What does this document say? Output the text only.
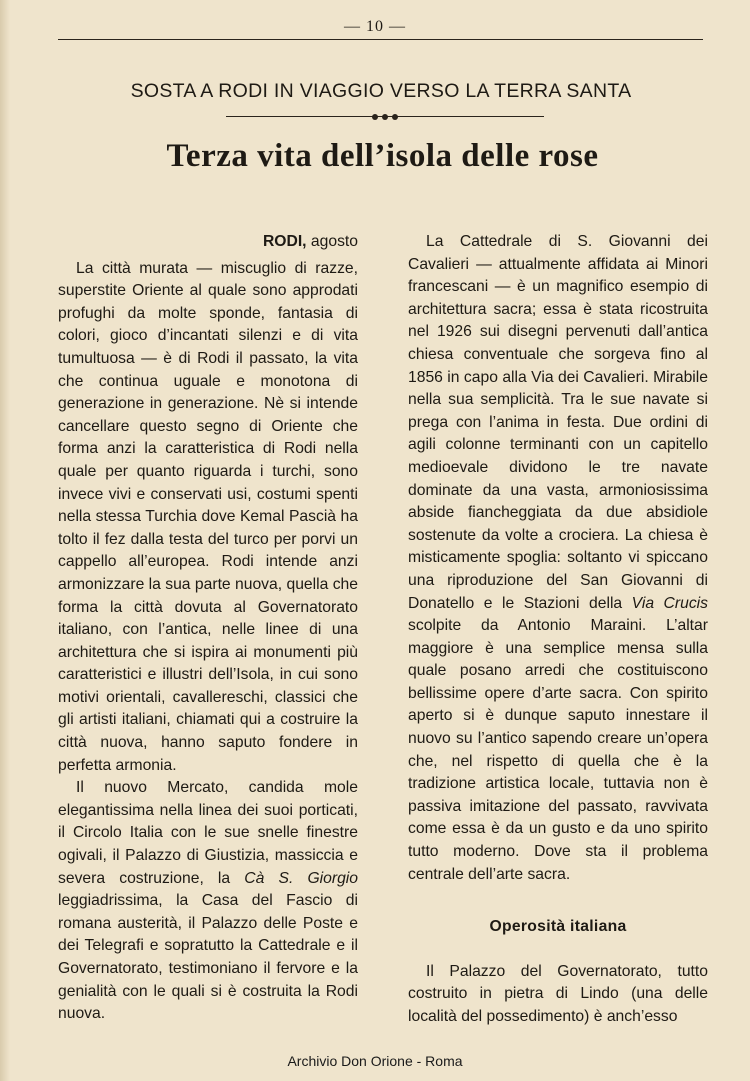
— 10 —
SOSTA A RODI IN VIAGGIO VERSO LA TERRA SANTA
Terza vita dell’isola delle rose

RODI, agosto

La città murata — miscuglio di razze, superstite Oriente al quale sono approdati profughi da molte sponde, fantasia di colori, gioco d’incantati silenzi e di vita tumultuosa — è di Rodi il passato, la vita che continua uguale e monotona di generazione in generazione. Nè si intende cancellare questo segno di Oriente che forma anzi la caratteristica di Rodi nella quale per quanto riguarda i turchi, sono invece vivi e conservati usi, costumi spenti nella stessa Turchia dove Kemal Pascià ha tolto il fez dalla testa del turco per porvi un cappello all’europea. Rodi intende anzi armonizzare la sua parte nuova, quella che forma la città dovuta al Governatorato italiano, con l’antica, nelle linee di una architettura che si ispira ai monumenti più caratteristici e illustri dell’Isola, in cui sono motivi orientali, cavallereschi, classici che gli artisti italiani, chiamati qui a costruire la città nuova, hanno saputo fondere in perfetta armonia.

Il nuovo Mercato, candida mole elegantissima nella linea dei suoi porticati, il Circolo Italia con le sue snelle finestre ogivali, il Palazzo di Giustizia, massiccia e severa costruzione, la Cà S. Giorgio leggiadrissima, la Casa del Fascio di romana austerità, il Palazzo delle Poste e dei Telegrafi e sopratutto la Cattedrale e il Governatorato, testimoniano il fervore e la genialità con le quali si è costruita la Rodi nuova.

La Cattedrale di S. Giovanni dei Cavalieri — attualmente affidata ai Minori francescani — è un magnifico esempio di architettura sacra; essa è stata ricostruita nel 1926 sui disegni pervenuti dall’antica chiesa conventuale che sorgeva fino al 1856 in capo alla Via dei Cavalieri. Mirabile nella sua semplicità. Tra le sue navate si prega con l’anima in festa. Due ordini di agili colonne terminanti con un capitello medioevale dividono le tre navate dominate da una vasta, armoniosissima abside fiancheggiata da due absidiole sostenute da volte a crociera. La chiesa è misticamente spoglia: soltanto vi spiccano una riproduzione del San Giovanni di Donatello e le Stazioni della Via Crucis scolpite da Antonio Maraini. L’altar maggiore è una semplice mensa sulla quale posano arredi che costituiscono bellissime opere d’arte sacra. Con spirito aperto si è dunque saputo innestare il nuovo su l’antico sapendo creare un’opera che, nel rispetto di quella che è la tradizione artistica locale, tuttavia non è passiva imitazione del passato, ravvivata come essa è da un gusto e da uno spirito tutto moderno. Dove sta il problema centrale dell’arte sacra.

Operosità italiana

Il Palazzo del Governatorato, tutto costruito in pietra di Lindo (una delle località del possedimento) è anch’esso

Archivio Don Orione - Roma
